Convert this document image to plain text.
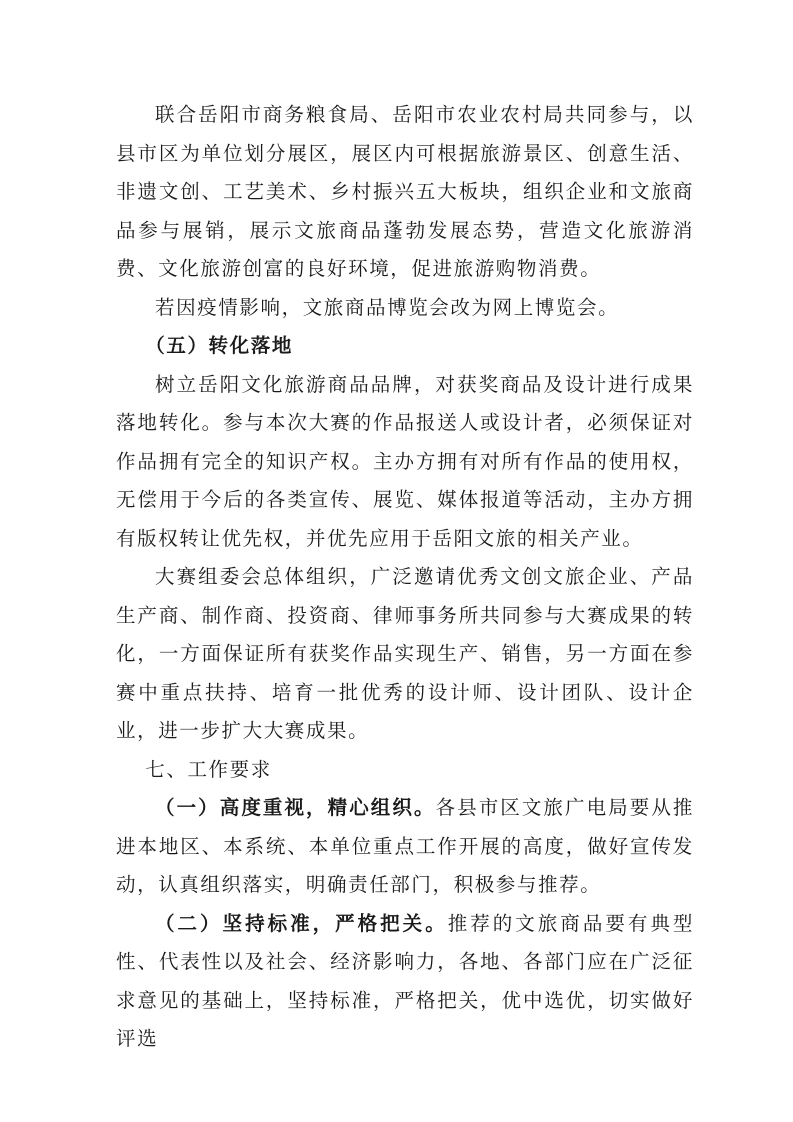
联合岳阳市商务粮食局、岳阳市农业农村局共同参与，以县市区为单位划分展区，展区内可根据旅游景区、创意生活、非遗文创、工艺美术、乡村振兴五大板块，组织企业和文旅商品参与展销，展示文旅商品蓬勃发展态势，营造文化旅游消费、文化旅游创富的良好环境，促进旅游购物消费。

若因疫情影响，文旅商品博览会改为网上博览会。

（五）转化落地

树立岳阳文化旅游商品品牌，对获奖商品及设计进行成果落地转化。参与本次大赛的作品报送人或设计者，必须保证对作品拥有完全的知识产权。主办方拥有对所有作品的使用权，无偿用于今后的各类宣传、展览、媒体报道等活动，主办方拥有版权转让优先权，并优先应用于岳阳文旅的相关产业。

大赛组委会总体组织，广泛邀请优秀文创文旅企业、产品生产商、制作商、投资商、律师事务所共同参与大赛成果的转化，一方面保证所有获奖作品实现生产、销售，另一方面在参赛中重点扶持、培育一批优秀的设计师、设计团队、设计企业，进一步扩大大赛成果。

七、工作要求

（一）高度重视，精心组织。各县市区文旅广电局要从推进本地区、本系统、本单位重点工作开展的高度，做好宣传发动，认真组织落实，明确责任部门，积极参与推荐。

（二）坚持标准，严格把关。推荐的文旅商品要有典型性、代表性以及社会、经济影响力，各地、各部门应在广泛征求意见的基础上，坚持标准，严格把关，优中选优，切实做好评选
